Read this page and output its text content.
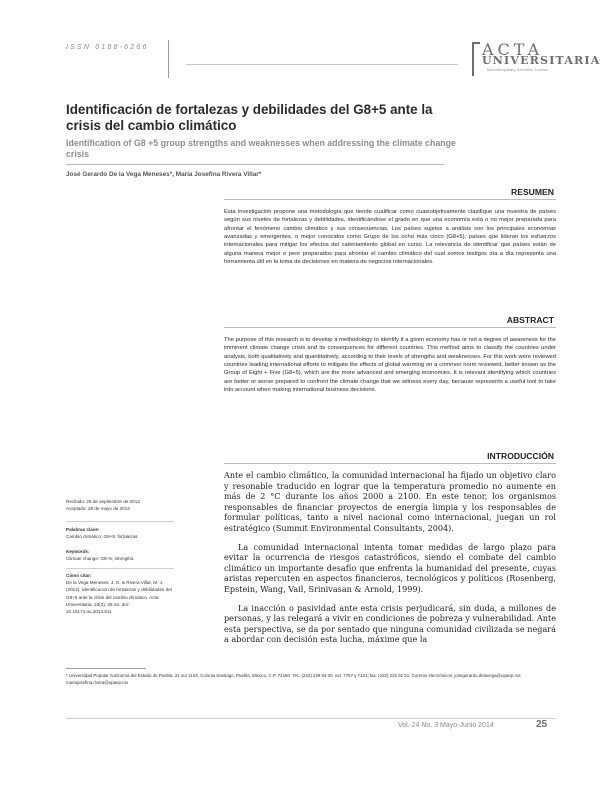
ISSN 0188-6266	ACTA
UNIVERSITARIA
Multidisciplinary Scientific Journal
Identificación de fortalezas y debilidades del G8+5 ante la crisis del cambio climático
Identification of G8 +5 group strengths and weaknesses when addressing the climate change crisis
José Gerardo De la Vega Meneses*, María Josefina Rivera Villar*
RESUMEN

Esta investigación propone una metodología que tiende cualificar como cuasiobjetivamente clasifique una muestra de países según sus niveles de fortalezas y debilidades, identificándose el grado en que una economía está o no mejor preparada para afrontar el fenómeno cambio climático y sus consecuencias. Los países sujetos a análisis son los principales economías avanzadas y emergentes, o mejor conocidos como Grupo de los ocho más cinco (G8+5), países que lideran los esfuerzos internacionales para mitigar los efectos del calentamiento global en curso. La relevancia de identificar qué países están de alguna manera mejor o peor preparados para afrontar el cambio climático del cual somos testigos día a día representa una herramienta útil en la toma de decisiones en materia de negocios internacionales.

ABSTRACT

The purpose of this research is to develop a methodology to identify if a given economy has or not a degree of awareness for the imminent climate change crisis and its consequences for different countries. This method aims to classify the countries under analysis, both qualitatively and quantitatively, according to their levels of strengths and weaknesses. For this work were reviewed countries leading international efforts to mitigate the effects of global warming on a common norm reviewed, better known as the Group of Eight + Five (G8+5), which are the more advanced and emerging economies. It is relevant identifying which countries are better or worse prepared to confront the climate change that we witness every day, because represents a useful tool to take into account when making international business decisions.

INTRODUCCIÓN

Ante el cambio climático, la comunidad internacional ha fijado un objetivo claro y resonable traducido en lograr que la temperatura promedio no aumente en más de 2 °C durante los años 2000 a 2100. En este tenor, los organismos responsables de financiar proyectos de energía limpia y los responsables de formular políticas, tanto a nivel nacional como internacional, juegan un rol estratégico (Summit Environmental Consultants, 2004).

La comunidad internacional intenta tomar medidas de largo plazo para evitar la ocurrencia de riesgos catastróficos, siendo el combate del cambio climático un importante desafío que enfrenta la humanidad del presente, cuyas aristas repercuten en aspectos financieros, tecnológicos y políticos (Rosenberg, Epstein, Wang, Vail, Srinivasan & Arnold, 1999).

La inacción o pasividad ante esta crisis perjudicará, sin duda, a millones de personas, y las relegará a vivir en condiciones de pobreza y vulnerabilidad. Ante esta perspectiva, se da por sentado que ninguna comunidad civilizada se negará a abordar con decisión esta lucha, máxime que la

Recibido: 25 de septiembre de 2013
Aceptado: 28 de mayo de 2014
Palabras clave:
Cambio climático; G8+5; fortalezas.
Keywords:
Climate change; G8+5; strengths.
Cómo citar:
De la Vega Meneses, J. G. & Rivera Villar, M. J. (2014). Identificación de fortalezas y debilidades del G8+5 ante la crisis del cambio climático. Acta Universitaria, 24(3), 25-34. doi: 10.15174.au.2014.511
* Universidad Popular Autónoma del Estado de Puebla. 21 sur 1103, Colonia Santiago, Puebla, México, C.P. 72160. Tel.: (222) 229 94 00, ext. 7757 y 7421; fax: (222) 232 52 51. Correos electrónicos: josegerardo.delavega@upaep.mx; mariajosefina.rivera@upaep.mx
Vol. 24 No. 3 Mayo-Junio 2014	25
